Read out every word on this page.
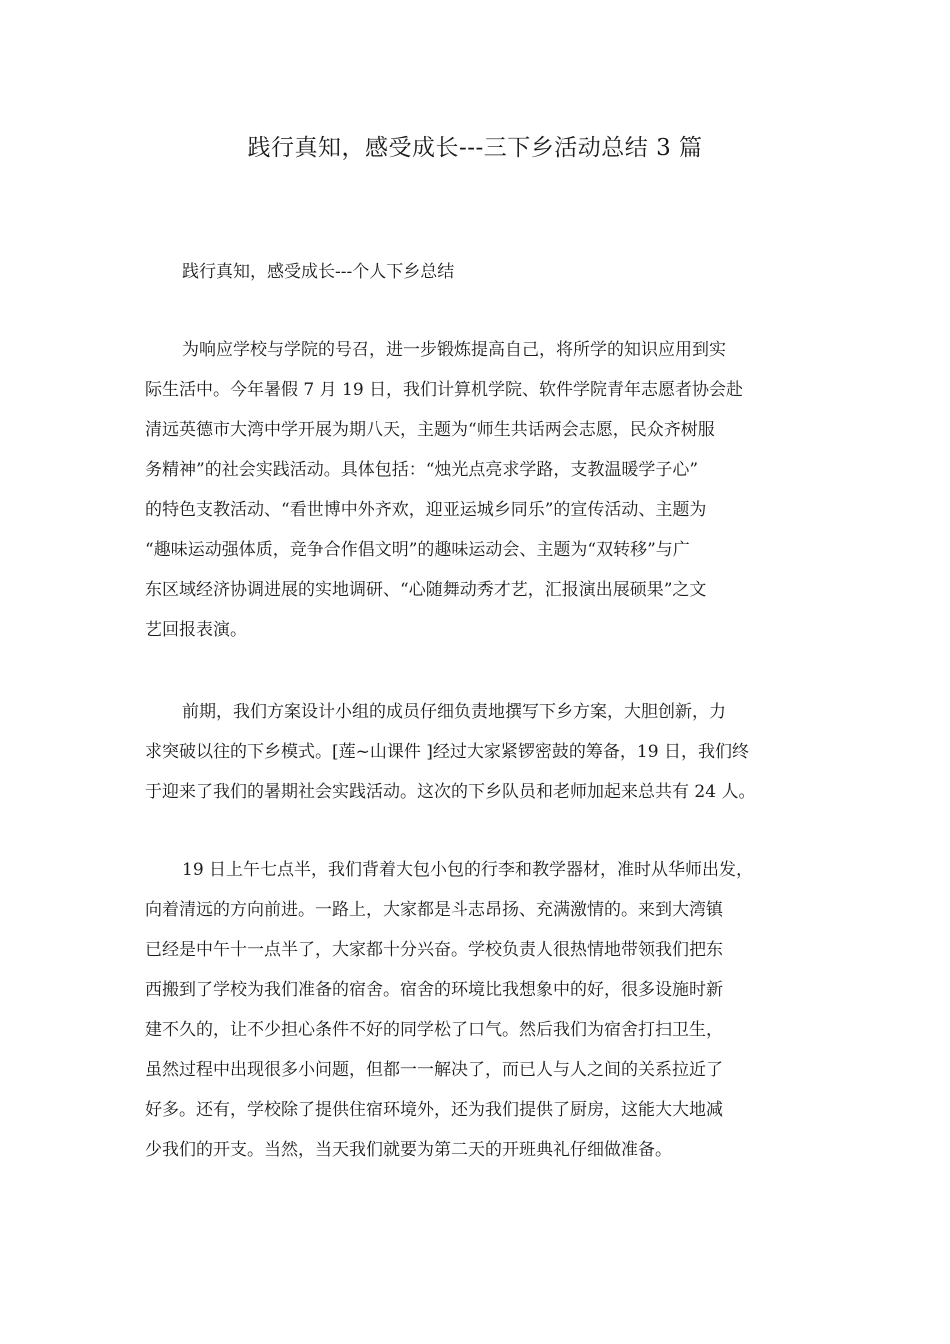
践行真知，感受成长---三下乡活动总结 3 篇
践行真知，感受成长---个人下乡总结
为响应学校与学院的号召，进一步锻炼提高自己，将所学的知识应用到实
际生活中。今年暑假 7 月 19 日，我们计算机学院、软件学院青年志愿者协会赴
清远英德市大湾中学开展为期八天，主题为“师生共话两会志愿，民众齐树服
务精神”的社会实践活动。具体包括：“烛光点亮求学路，支教温暖学子心”
的特色支教活动、“看世博中外齐欢，迎亚运城乡同乐”的宣传活动、主题为
“趣味运动强体质，竞争合作倡文明”的趣味运动会、主题为“双转移”与广
东区域经济协调进展的实地调研、“心随舞动秀才艺，汇报演出展硕果”之文
艺回报表演。
前期，我们方案设计小组的成员仔细负责地撰写下乡方案，大胆创新，力
求突破以往的下乡模式。[莲~山课件 ]经过大家紧锣密鼓的筹备，19 日，我们终
于迎来了我们的暑期社会实践活动。这次的下乡队员和老师加起来总共有 24 人。
19 日上午七点半，我们背着大包小包的行李和教学器材，准时从华师出发，
向着清远的方向前进。一路上，大家都是斗志昂扬、充满激情的。来到大湾镇
已经是中午十一点半了，大家都十分兴奋。学校负责人很热情地带领我们把东
西搬到了学校为我们准备的宿舍。宿舍的环境比我想象中的好，很多设施时新
建不久的，让不少担心条件不好的同学松了口气。然后我们为宿舍打扫卫生，
虽然过程中出现很多小问题，但都一一解决了，而已人与人之间的关系拉近了
好多。还有，学校除了提供住宿环境外，还为我们提供了厨房，这能大大地减
少我们的开支。当然，当天我们就要为第二天的开班典礼仔细做准备。
